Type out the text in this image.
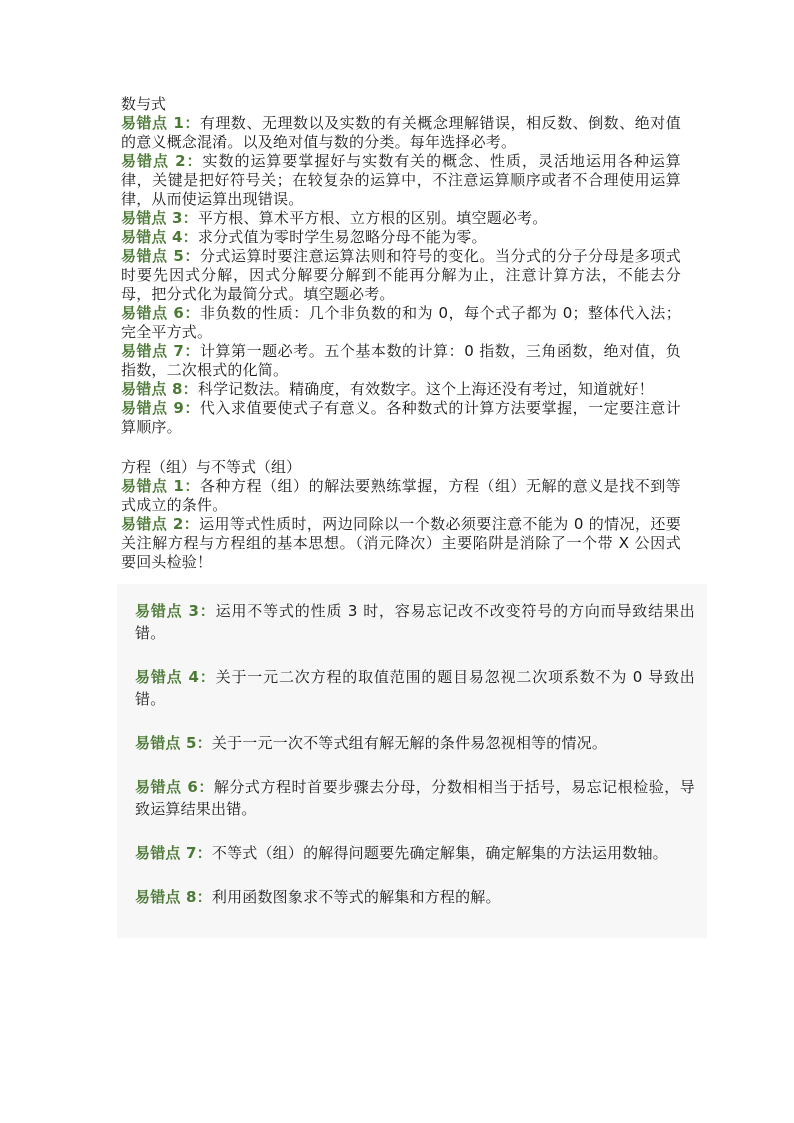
数与式

易错点 1：有理数、无理数以及实数的有关概念理解错误，相反数、倒数、绝对值的意义概念混淆。以及绝对值与数的分类。每年选择必考。

易错点 2：实数的运算要掌握好与实数有关的概念、性质，灵活地运用各种运算律，关键是把好符号关；在较复杂的运算中，不注意运算顺序或者不合理使用运算律，从而使运算出现错误。

易错点 3：平方根、算术平方根、立方根的区别。填空题必考。

易错点 4：求分式值为零时学生易忽略分母不能为零。

易错点 5：分式运算时要注意运算法则和符号的变化。当分式的分子分母是多项式时要先因式分解，因式分解要分解到不能再分解为止，注意计算方法，不能去分母，把分式化为最简分式。填空题必考。

易错点 6：非负数的性质：几个非负数的和为 0，每个式子都为 0；整体代入法；完全平方式。

易错点 7：计算第一题必考。五个基本数的计算：0 指数，三角函数，绝对值，负指数，二次根式的化简。

易错点 8：科学记数法。精确度，有效数字。这个上海还没有考过，知道就好！

易错点 9：代入求值要使式子有意义。各种数式的计算方法要掌握，一定要注意计算顺序。

方程（组）与不等式（组）

易错点 1：各种方程（组）的解法要熟练掌握，方程（组）无解的意义是找不到等式成立的条件。

易错点 2：运用等式性质时，两边同除以一个数必须要注意不能为 0 的情况，还要关注解方程与方程组的基本思想。（消元降次）主要陷阱是消除了一个带 X 公因式要回头检验！

易错点 3：运用不等式的性质 3 时，容易忘记改不改变符号的方向而导致结果出错。

易错点 4：关于一元二次方程的取值范围的题目易忽视二次项系数不为 0 导致出错。

易错点 5：关于一元一次不等式组有解无解的条件易忽视相等的情况。

易错点 6：解分式方程时首要步骤去分母，分数相相当于括号，易忘记根检验，导致运算结果出错。

易错点 7：不等式（组）的解得问题要先确定解集，确定解集的方法运用数轴。

易错点 8：利用函数图象求不等式的解集和方程的解。
